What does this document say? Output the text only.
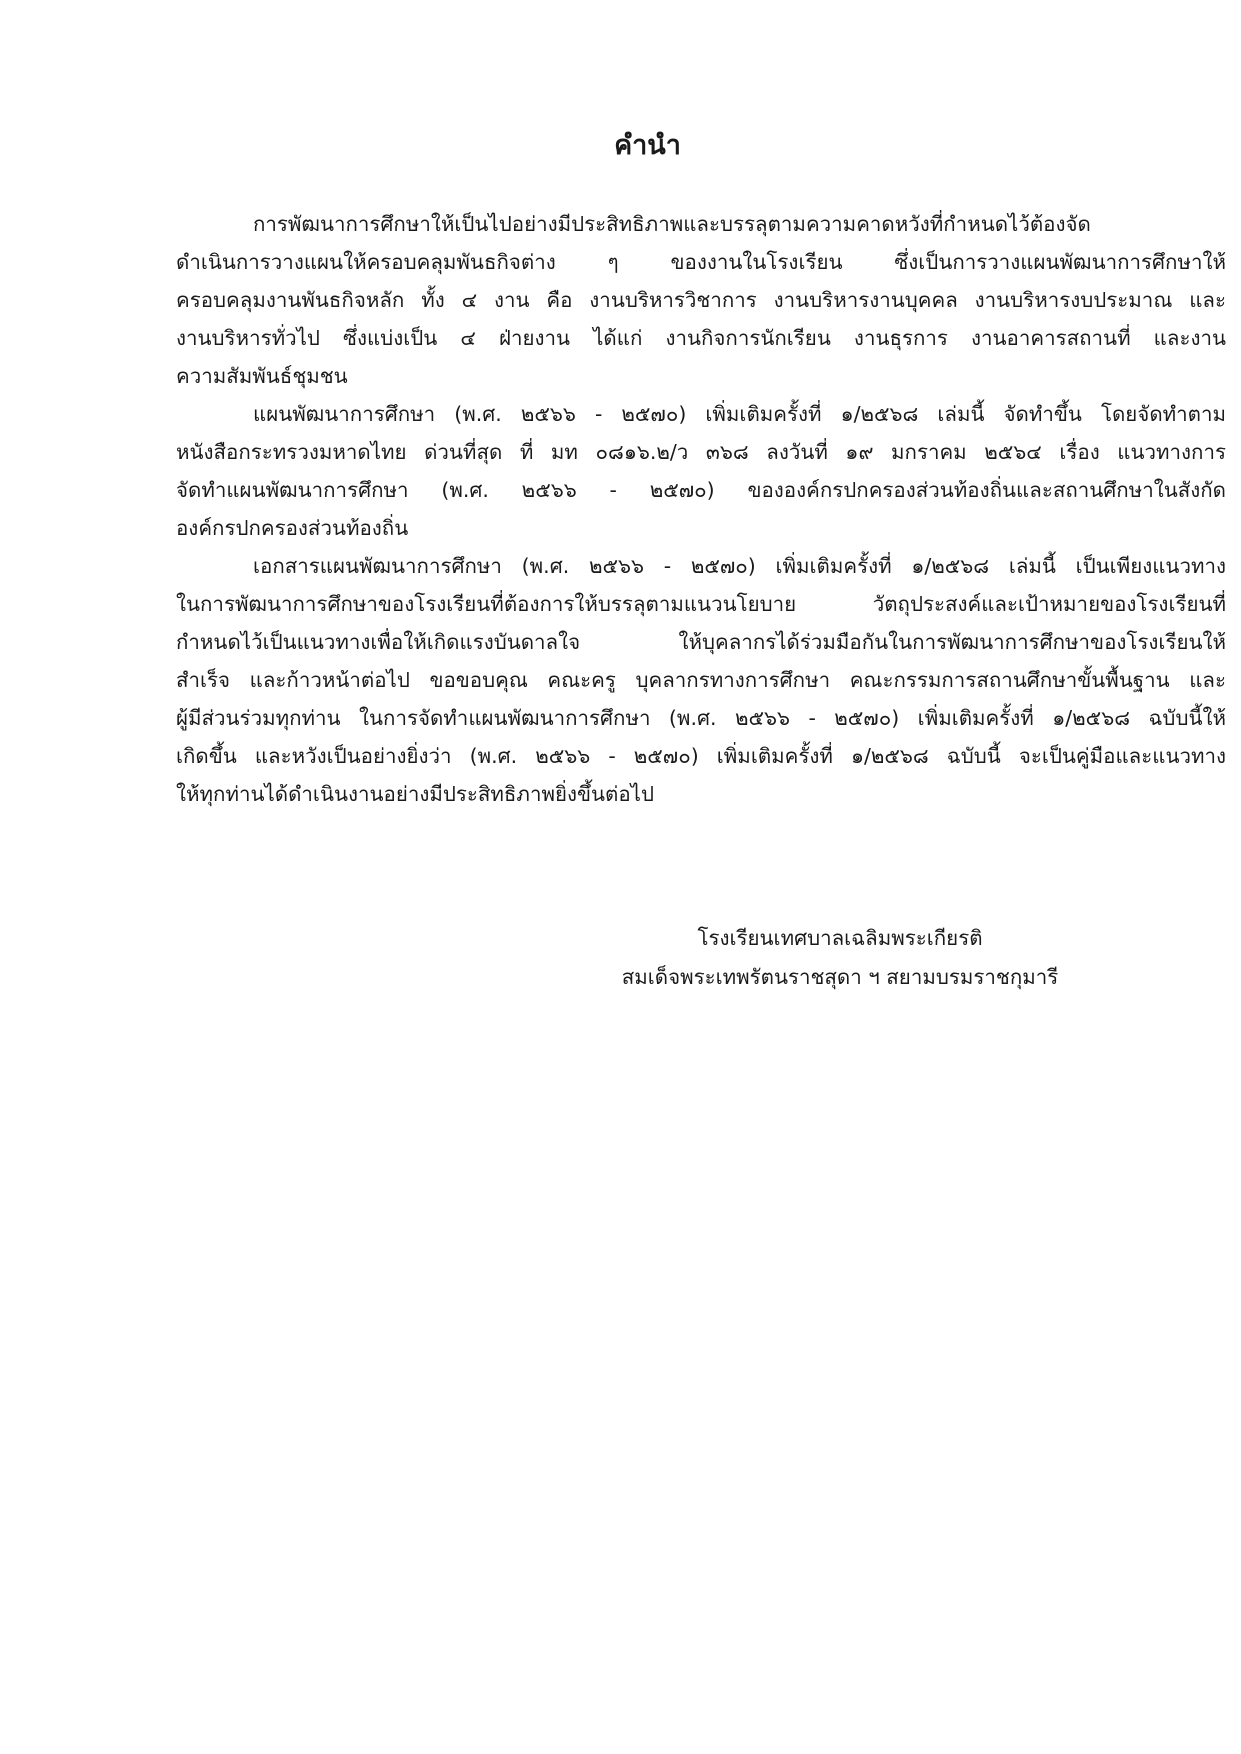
คำนำ
การพัฒนาการศึกษาให้เป็นไปอย่างมีประสิทธิภาพและบรรลุตามความคาดหวังที่กำหนดไว้ต้องจัด
ดำเนินการวางแผนให้ครอบคลุมพันธกิจต่าง ๆ ของงานในโรงเรียน ซึ่งเป็นการวางแผนพัฒนาการศึกษาให้
ครอบคลุมงานพันธกิจหลัก ทั้ง ๔ งาน คือ งานบริหารวิชาการ งานบริหารงานบุคคล งานบริหารงบประมาณ และ
งานบริหารทั่วไป ซึ่งแบ่งเป็น ๔ ฝ่ายงาน ได้แก่ งานกิจการนักเรียน งานธุรการ งานอาคารสถานที่ และงาน
ความสัมพันธ์ชุมชน
แผนพัฒนาการศึกษา (พ.ศ. ๒๕๖๖ - ๒๕๗๐) เพิ่มเติมครั้งที่ ๑/๒๕๖๘ เล่มนี้ จัดทำขึ้น โดยจัดทำตาม
หนังสือกระทรวงมหาดไทย ด่วนที่สุด ที่ มท ๐๘๑๖.๒/ว ๓๖๘ ลงวันที่ ๑๙ มกราคม ๒๕๖๔ เรื่อง แนวทางการ
จัดทำแผนพัฒนาการศึกษา (พ.ศ. ๒๕๖๖ - ๒๕๗๐) ขององค์กรปกครองส่วนท้องถิ่นและสถานศึกษาในสังกัด
องค์กรปกครองส่วนท้องถิ่น
เอกสารแผนพัฒนาการศึกษา (พ.ศ. ๒๕๖๖ - ๒๕๗๐) เพิ่มเติมครั้งที่ ๑/๒๕๖๘ เล่มนี้ เป็นเพียงแนวทาง
ในการพัฒนาการศึกษาของโรงเรียนที่ต้องการให้บรรลุตามแนวนโยบาย วัตถุประสงค์และเป้าหมายของโรงเรียนที่
กำหนดไว้เป็นแนวทางเพื่อให้เกิดแรงบันดาลใจ ให้บุคลากรได้ร่วมมือกันในการพัฒนาการศึกษาของโรงเรียนให้
สำเร็จ และก้าวหน้าต่อไป ขอขอบคุณ คณะครู บุคลากรทางการศึกษา คณะกรรมการสถานศึกษาขั้นพื้นฐาน และ
ผู้มีส่วนร่วมทุกท่าน ในการจัดทำแผนพัฒนาการศึกษา (พ.ศ. ๒๕๖๖ - ๒๕๗๐) เพิ่มเติมครั้งที่ ๑/๒๕๖๘ ฉบับนี้ให้
เกิดขึ้น และหวังเป็นอย่างยิ่งว่า (พ.ศ. ๒๕๖๖ - ๒๕๗๐) เพิ่มเติมครั้งที่ ๑/๒๕๖๘ ฉบับนี้ จะเป็นคู่มือและแนวทาง
ให้ทุกท่านได้ดำเนินงานอย่างมีประสิทธิภาพยิ่งขึ้นต่อไป
โรงเรียนเทศบาลเฉลิมพระเกียรติ
สมเด็จพระเทพรัตนราชสุดา ฯ สยามบรมราชกุมารี
